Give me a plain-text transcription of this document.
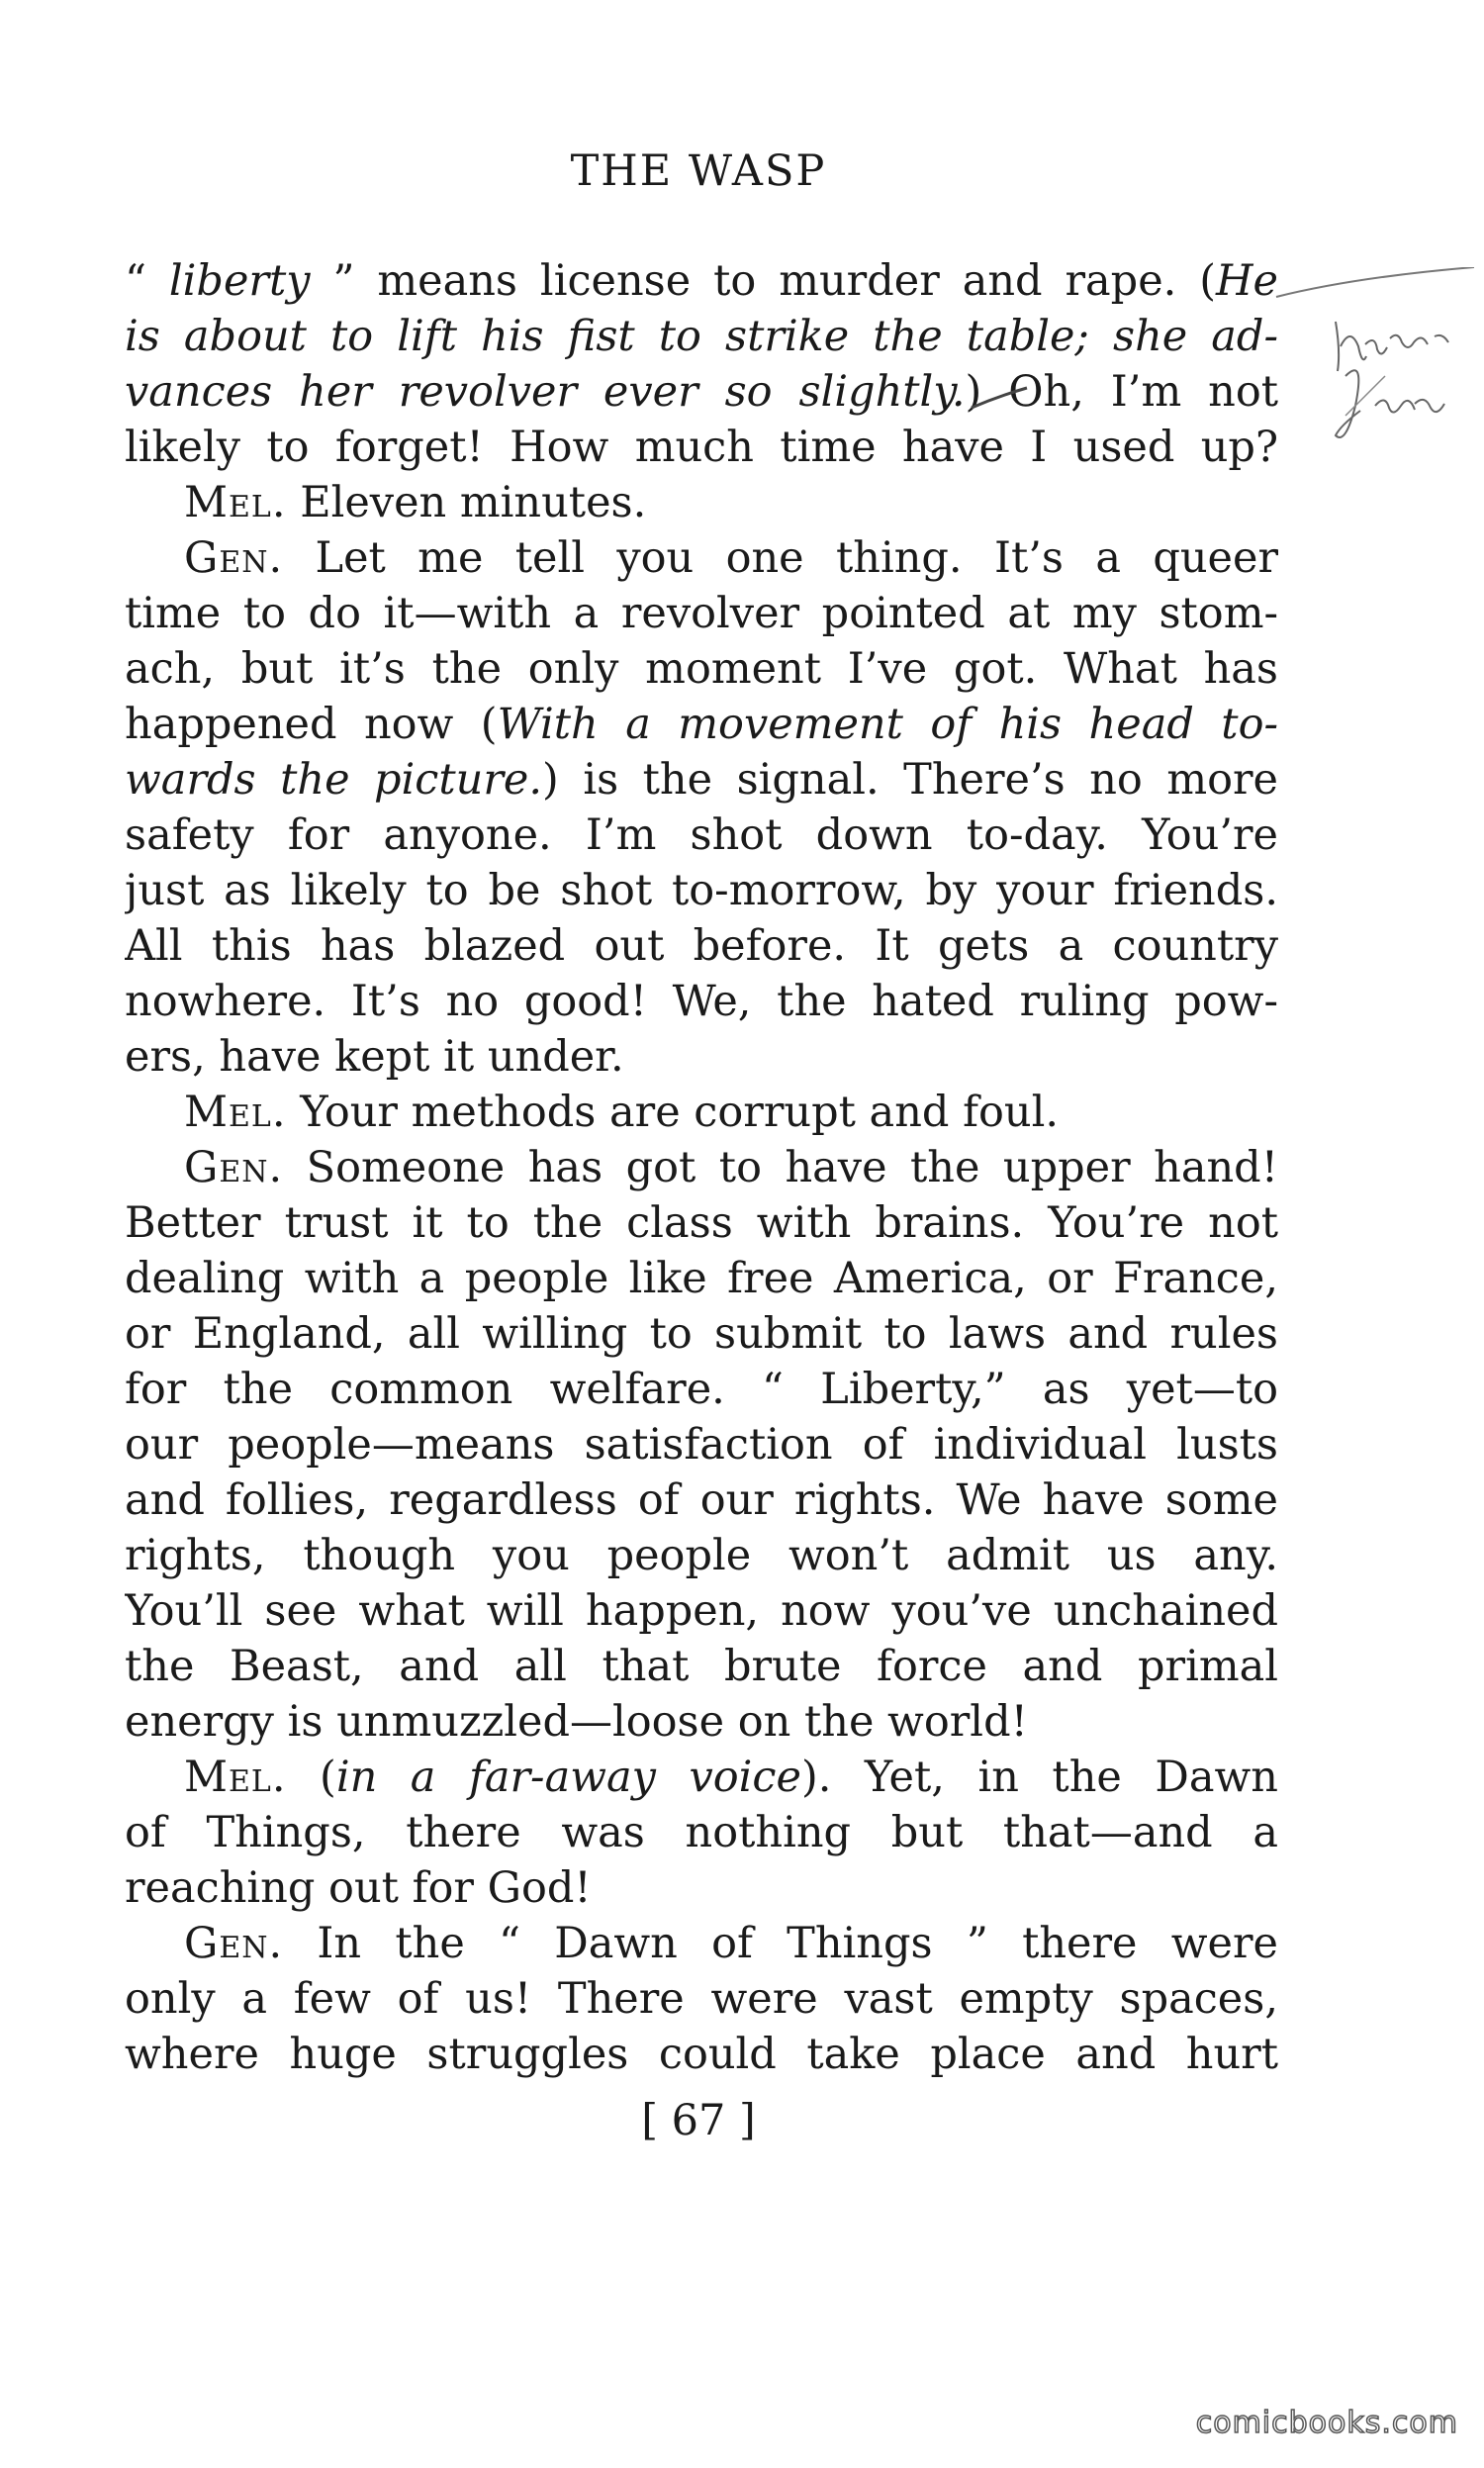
THE WASP
“ liberty ” means license to murder and rape. (He
is about to lift his fist to strike the table; she ad-
vances her revolver ever so slightly.) Oh, I’m not
likely to forget! How much time have I used up?
Mel. Eleven minutes.
Gen. Let me tell you one thing. It’s a queer
time to do it—with a revolver pointed at my stom-
ach, but it’s the only moment I’ve got. What has
happened now (With a movement of his head to-
wards the picture.) is the signal. There’s no more
safety for anyone. I’m shot down to-day. You’re
just as likely to be shot to-morrow, by your friends.
All this has blazed out before. It gets a country
nowhere. It’s no good! We, the hated ruling pow-
ers, have kept it under.
Mel. Your methods are corrupt and foul.
Gen. Someone has got to have the upper hand!
Better trust it to the class with brains. You’re not
dealing with a people like free America, or France,
or England, all willing to submit to laws and rules
for the common welfare. “ Liberty,” as yet—to
our people—means satisfaction of individual lusts
and follies, regardless of our rights. We have some
rights, though you people won’t admit us any.
You’ll see what will happen, now you’ve unchained
the Beast, and all that brute force and primal
energy is unmuzzled—loose on the world!
Mel. (in a far-away voice). Yet, in the Dawn
of Things, there was nothing but that—and a
reaching out for God!
Gen. In the “ Dawn of Things ” there were
only a few of us! There were vast empty spaces,
where huge struggles could take place and hurt
[ 67 ]
comicbooks.com
